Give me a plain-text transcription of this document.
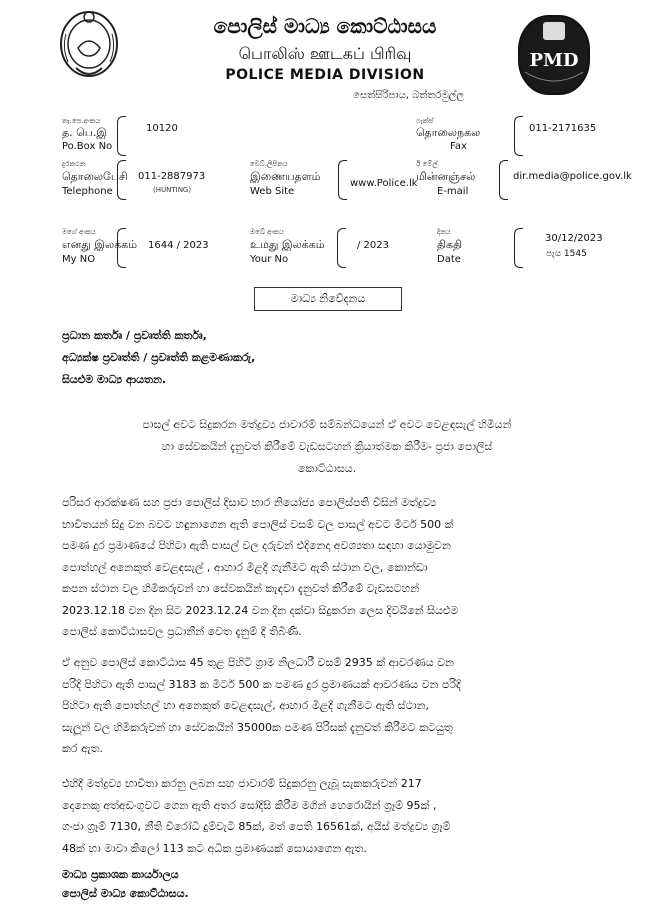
PMD
පොලිස් මාධ්‍ය කොට්ඨාසය
பொலிஸ் ஊடகப் பிரிவு
POLICE MEDIA DIVISION
සෙත්සිරිපාය, බත්තරමුල්ල
තැ.පෙ.අංකය
த. பெ.இ
Po.Box No
10120
ෆැක්ස්
தொலைநகல
Fax
011-2171635
දුරකථන
தொலைபேசி
Telephone
011-2887973
(HUNTING)
වෙබ්.ලිපිනය
இணையதளம்
Web Site
www.Police.lk
ඊ මේල්
மின்னஞ்சல்
E-mail
dir.media@police.gov.lk
මගේ අංකය
எனது இலக்கம்
My NO
1644 / 2023
ඔබේ අංකය
உமது இலக்கம்
Your No
/ 2023
දිනය
திகதி
Date
30/12/2023
පැය 1545
මාධ්‍ය නිවේදනය
ප්‍රධාන කර්තෘ / ප්‍රවෘත්ති කර්තෘ,
අධ්‍යක්ෂ ප්‍රවෘත්ති / ප්‍රවෘත්ති කළමණාකරු,
සියළුම මාධ්‍ය ආයතන.
පාසල් අවට සිදුකරන මත්ද්‍රව්‍ය ජාවාරම් සම්බන්ධයෙන් ඒ අවට වෙළඳසැල් හිමියන්
හා සේවකයින් දැනුවත් කිරීමේ වැඩසටහන් ක්‍රියාත්මක කිරීම- ප්‍රජා පොලිස්
කොට්ඨාසය.
පරිසර ආරක්ෂණ සහ ප්‍රජා පොලිස් දිසාව භාර නියෝජ්‍ය පොලිස්පති විසින් මත්ද්‍රව්‍ය
භාවිතයන් සිදු වන බවට හඳුනාගෙන ඇති පොලිස් වසම් වල පාසල් අවට මීටර් 500 ක්
පමණ දුර ප්‍රමාණයේ පිහිටා ඇති පාසල් වල දරුවන් එදිනෙදා අවශ්‍යතා සඳහා යොමුවන
පොත්හල් අනෙකුත් වෙළඳසැල් , ආහාර මිළදී ගැනීමට ඇති ස්ථාන වල, කොන්ඩා
කපන ස්ථාන වල හිමිකරුවන් හා සේවකයින් කැඳවා දැනුවත් කිරීමේ වැඩසටහන්
2023.12.18 වන දින සිට 2023.12.24 වන දින දක්වා සිදුකරන ලෙස දිවයිනේ සියළුම
පොලිස් කොට්ඨාසවල ප්‍රධානීන් වෙත දැනුම් දී තිබිණි.
ඒ අනුව පොලිස් කොට්ඨාස 45 තුළ පිහිටි ග්‍රාම නිලධාරී වසම් 2935 ක් ආවරණය වන
පරිදි පිහිටා ඇති පාසල් 3183 ක මීටර් 500 ක පමණ දුර ප්‍රමාණයක් ආවරණය වන පරිදි
පිහිටා ඇති පොත්හල් හා අනෙකුත් වෙළඳසැල්, ආහාර මිළදී ගැනීමට ඇති ස්ථාන,
සැලූන් වල හිමිකරුවන් හා සේවකයින් 35000ක පමණ පිරිසක් දැනුවත් කිරීමට කටයුතු
කර ඇත.
එහිදී මත්ද්‍රව්‍ය භාවිතා කරනු ලබන සහ ජාවාරම් සිදුකරනු ලැබූ සැකකරුවන් 217
දෙනෙකු අත්අඩංගුවට ගෙන ඇති අතර සෝදිසි කිරීම මගින් හෙරොයින් ග්‍රෑම් 95ක් ,
ගංජා ග්‍රෑම් 7130, නීති විරෝධී දුම්වැටි 85ක්, මත් පෙති 16561ක්, අයිස් මත්ද්‍රව්‍ය ග්‍රෑම්
48ක් හා මාවා කිලෝ 113 කට අධික ප්‍රමාණයක් සොයාගෙන ඇත.
මාධ්‍ය ප්‍රකාශක කාර්යාලය
පොලිස් මාධ්‍ය කොට්ඨාසය.
